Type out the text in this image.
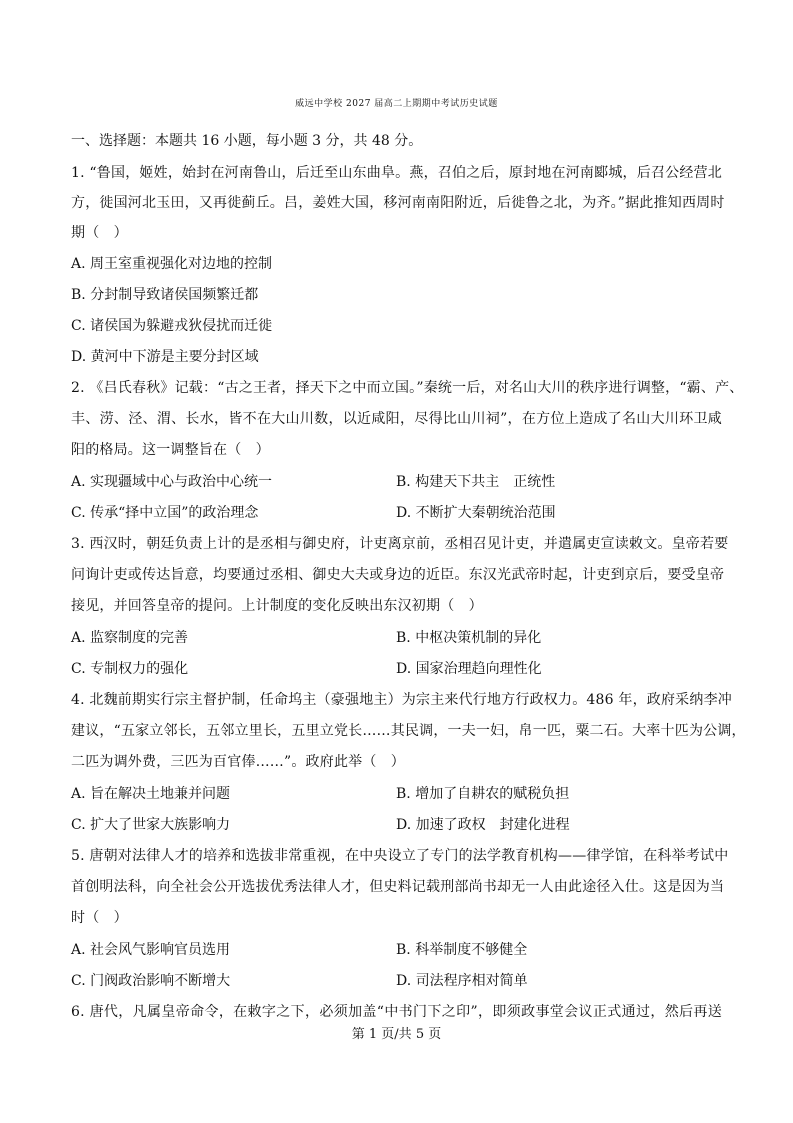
威远中学校 2027 届高二上期期中考试历史试题
一、选择题：本题共 16 小题，每小题 3 分，共 48 分。
1. “鲁国，姬姓，始封在河南鲁山，后迁至山东曲阜。燕，召伯之后，原封地在河南郾城，后召公经营北
方，徙国河北玉田，又再徙蓟丘。吕，姜姓大国，移河南南阳附近，后徙鲁之北，为齐。”据此推知西周时
期（　）
A. 周王室重视强化对边地的控制
B. 分封制导致诸侯国频繁迁都
C. 诸侯国为躲避戎狄侵扰而迁徙
D. 黄河中下游是主要分封区域
2. 《吕氏春秋》记载：“古之王者，择天下之中而立国。”秦统一后，对名山大川的秩序进行调整，“霸、产、
丰、涝、泾、渭、长水，皆不在大山川数，以近咸阳，尽得比山川祠”，在方位上造成了名山大川环卫咸
阳的格局。这一调整旨在（　）
A. 实现疆域中心与政治中心统一	B. 构建天下共主　正统性
C. 传承“择中立国”的政治理念	D. 不断扩大秦朝统治范围
3. 西汉时，朝廷负责上计的是丞相与御史府，计吏离京前，丞相召见计吏，并遣属吏宣读敕文。皇帝若要
问询计吏或传达旨意，均要通过丞相、御史大夫或身边的近臣。东汉光武帝时起，计吏到京后，要受皇帝
接见，并回答皇帝的提问。上计制度的变化反映出东汉初期（　）
A. 监察制度的完善	B. 中枢决策机制的异化
C. 专制权力的强化	D. 国家治理趋向理性化
4. 北魏前期实行宗主督护制，任命坞主（豪强地主）为宗主来代行地方行政权力。486 年，政府采纳李冲
建议，“五家立邻长，五邻立里长，五里立党长……其民调，一夫一妇，帛一匹，粟二石。大率十匹为公调，
二匹为调外费，三匹为百官俸……”。政府此举（　）
A. 旨在解决土地兼并问题	B. 增加了自耕农的赋税负担
C. 扩大了世家大族影响力	D. 加速了政权　封建化进程
5. 唐朝对法律人才的培养和选拔非常重视，在中央设立了专门的法学教育机构——律学馆，在科举考试中
首创明法科，向全社会公开选拔优秀法律人才，但史料记载刑部尚书却无一人由此途径入仕。这是因为当
时（　）
A. 社会风气影响官员选用	B. 科举制度不够健全
C. 门阀政治影响不断增大	D. 司法程序相对简单
6. 唐代，凡属皇帝命令，在敕字之下，必须加盖“中书门下之印”，即须政事堂会议正式通过，然后再送
第 1 页/共 5 页
